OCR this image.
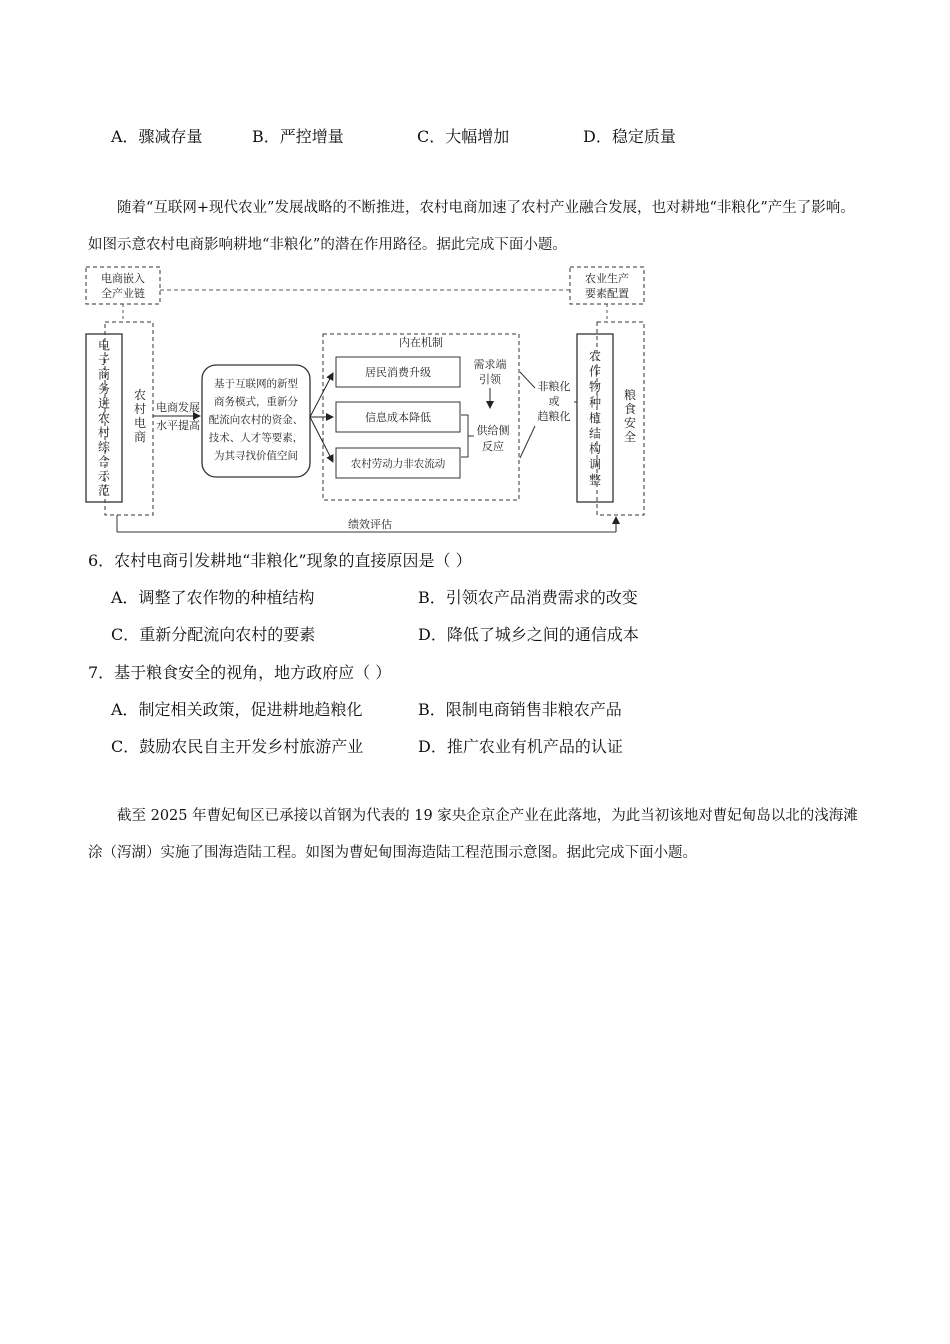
A．骤减存量	B．严控增量	C．大幅增加	D．稳定质量

随着“互联网+现代农业”发展战略的不断推进，农村电商加速了农村产业融合发展，也对耕地“非粮化”产生了影响。如图示意农村电商影响耕地“非粮化”的潜在作用路径。据此完成下面小题。

电商嵌入
全产业链
农业生产
要素配置
电子商务进农村综合示范
农村电商
电商发展
水平提高
基于互联网的新型
商务模式，重新分
配流向农村的资金、
技术、人才等要素，
为其寻找价值空间
内在机制
居民消费升级
信息成本降低
农村劳动力非农流动
需求端
引领
供给侧
反应
非粮化
或
趋粮化
农作物种植结构调整
粮食安全
绩效评估
6．农村电商引发耕地“非粮化”现象的直接原因是（ ）
A．调整了农作物的种植结构	B．引领农产品消费需求的改变
C．重新分配流向农村的要素	D．降低了城乡之间的通信成本
7．基于粮食安全的视角，地方政府应（ ）
A．制定相关政策，促进耕地趋粮化	B．限制电商销售非粮农产品
C．鼓励农民自主开发乡村旅游产业	D．推广农业有机产品的认证

截至 2025 年曹妃甸区已承接以首钢为代表的 19 家央企京企产业在此落地，为此当初该地对曹妃甸岛以北的浅海滩涂（泻湖）实施了围海造陆工程。如图为曹妃甸围海造陆工程范围示意图。据此完成下面小题。
